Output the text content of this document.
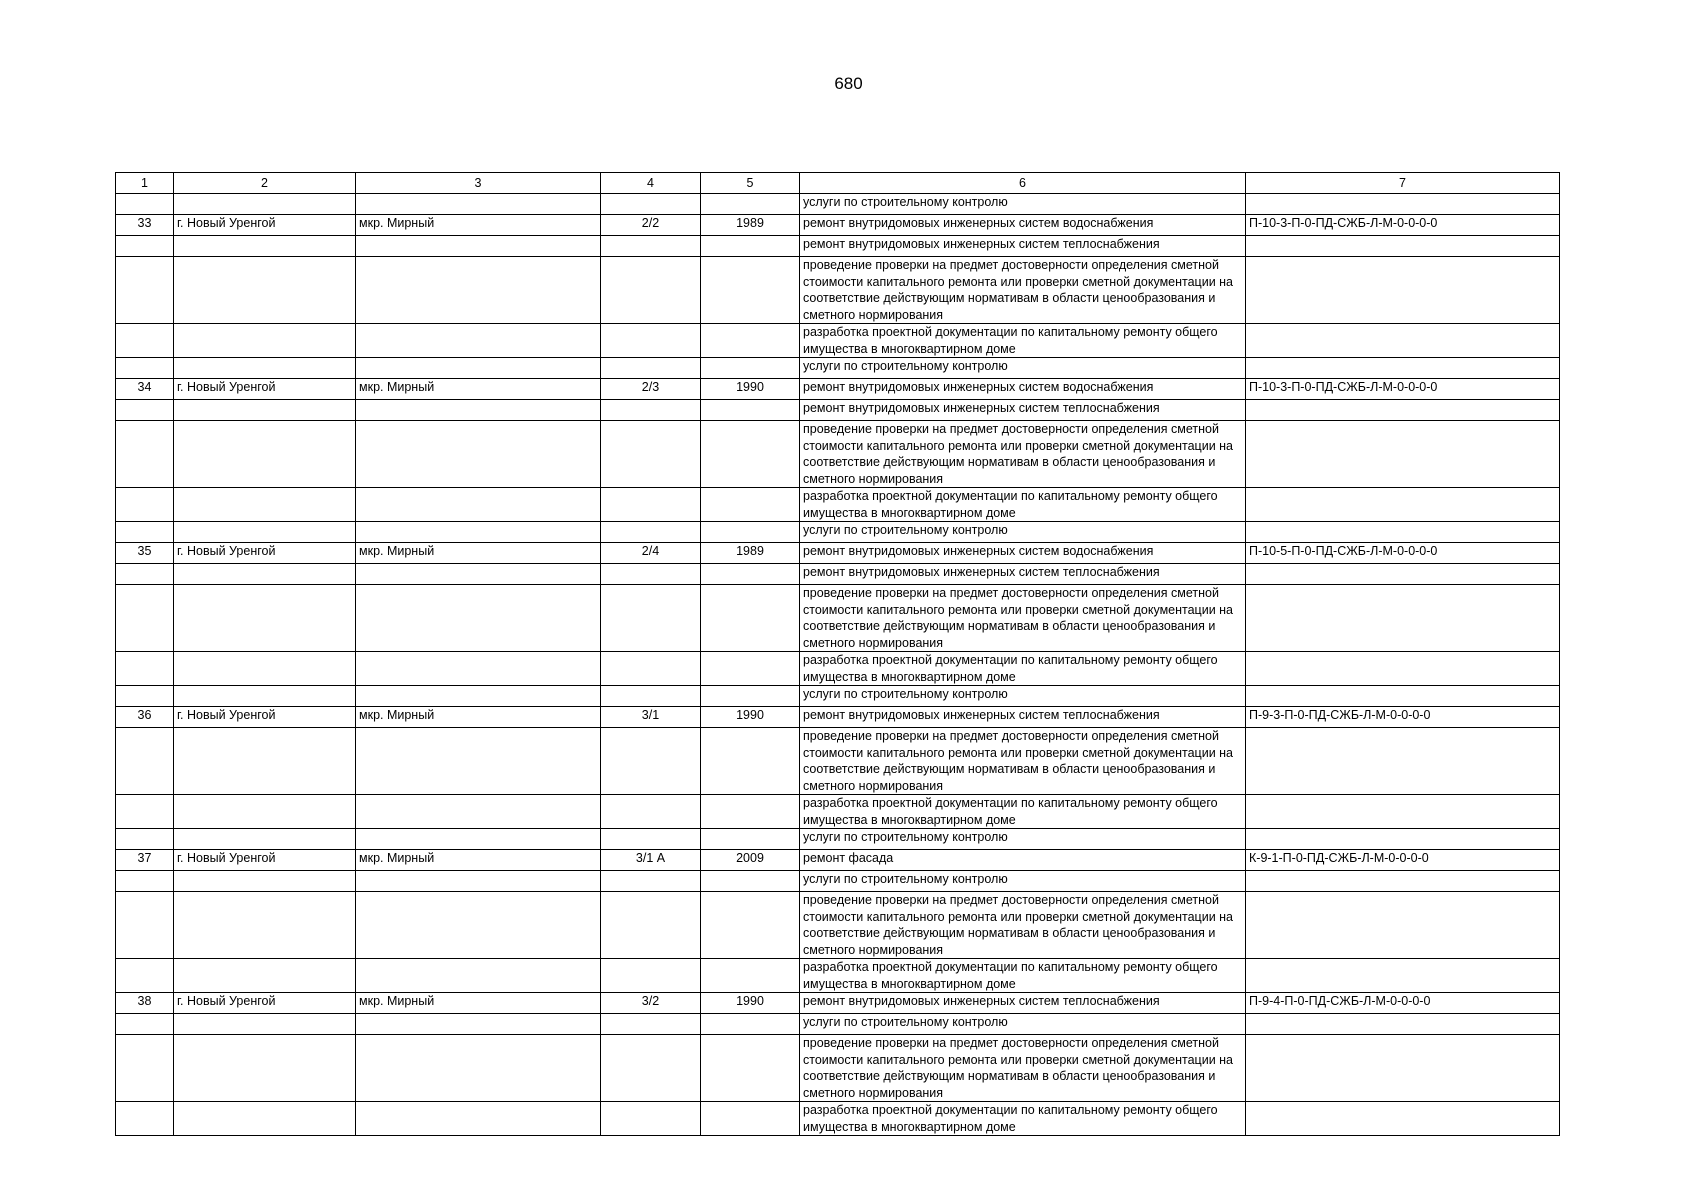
680
1	2	3	4	5	6	7
					услуги по строительному контролю	
33	г. Новый Уренгой	мкр. Мирный	2/2	1989	ремонт внутридомовых инженерных систем водоснабжения	П-10-3-П-0-ПД-СЖБ-Л-М-0-0-0-0
					ремонт внутридомовых инженерных систем теплоснабжения	
					проведение проверки на предмет достоверности определения сметной стоимости капитального ремонта или проверки сметной документации на соответствие действующим нормативам в области ценообразования и сметного нормирования	
					разработка проектной документации по капитальному ремонту общего имущества в многоквартирном доме	
					услуги по строительному контролю	
34	г. Новый Уренгой	мкр. Мирный	2/3	1990	ремонт внутридомовых инженерных систем водоснабжения	П-10-3-П-0-ПД-СЖБ-Л-М-0-0-0-0
					ремонт внутридомовых инженерных систем теплоснабжения	
					проведение проверки на предмет достоверности определения сметной стоимости капитального ремонта или проверки сметной документации на соответствие действующим нормативам в области ценообразования и сметного нормирования	
					разработка проектной документации по капитальному ремонту общего имущества в многоквартирном доме	
					услуги по строительному контролю	
35	г. Новый Уренгой	мкр. Мирный	2/4	1989	ремонт внутридомовых инженерных систем водоснабжения	П-10-5-П-0-ПД-СЖБ-Л-М-0-0-0-0
					ремонт внутридомовых инженерных систем теплоснабжения	
					проведение проверки на предмет достоверности определения сметной стоимости капитального ремонта или проверки сметной документации на соответствие действующим нормативам в области ценообразования и сметного нормирования	
					разработка проектной документации по капитальному ремонту общего имущества в многоквартирном доме	
					услуги по строительному контролю	
36	г. Новый Уренгой	мкр. Мирный	3/1	1990	ремонт внутридомовых инженерных систем теплоснабжения	П-9-3-П-0-ПД-СЖБ-Л-М-0-0-0-0
					проведение проверки на предмет достоверности определения сметной стоимости капитального ремонта или проверки сметной документации на соответствие действующим нормативам в области ценообразования и сметного нормирования	
					разработка проектной документации по капитальному ремонту общего имущества в многоквартирном доме	
					услуги по строительному контролю	
37	г. Новый Уренгой	мкр. Мирный	3/1 А	2009	ремонт фасада	К-9-1-П-0-ПД-СЖБ-Л-М-0-0-0-0
					услуги по строительному контролю	
					проведение проверки на предмет достоверности определения сметной стоимости капитального ремонта или проверки сметной документации на соответствие действующим нормативам в области ценообразования и сметного нормирования	
					разработка проектной документации по капитальному ремонту общего имущества в многоквартирном доме	
38	г. Новый Уренгой	мкр. Мирный	3/2	1990	ремонт внутридомовых инженерных систем теплоснабжения	П-9-4-П-0-ПД-СЖБ-Л-М-0-0-0-0
					услуги по строительному контролю	
					проведение проверки на предмет достоверности определения сметной стоимости капитального ремонта или проверки сметной документации на соответствие действующим нормативам в области ценообразования и сметного нормирования	
					разработка проектной документации по капитальному ремонту общего имущества в многоквартирном доме	
